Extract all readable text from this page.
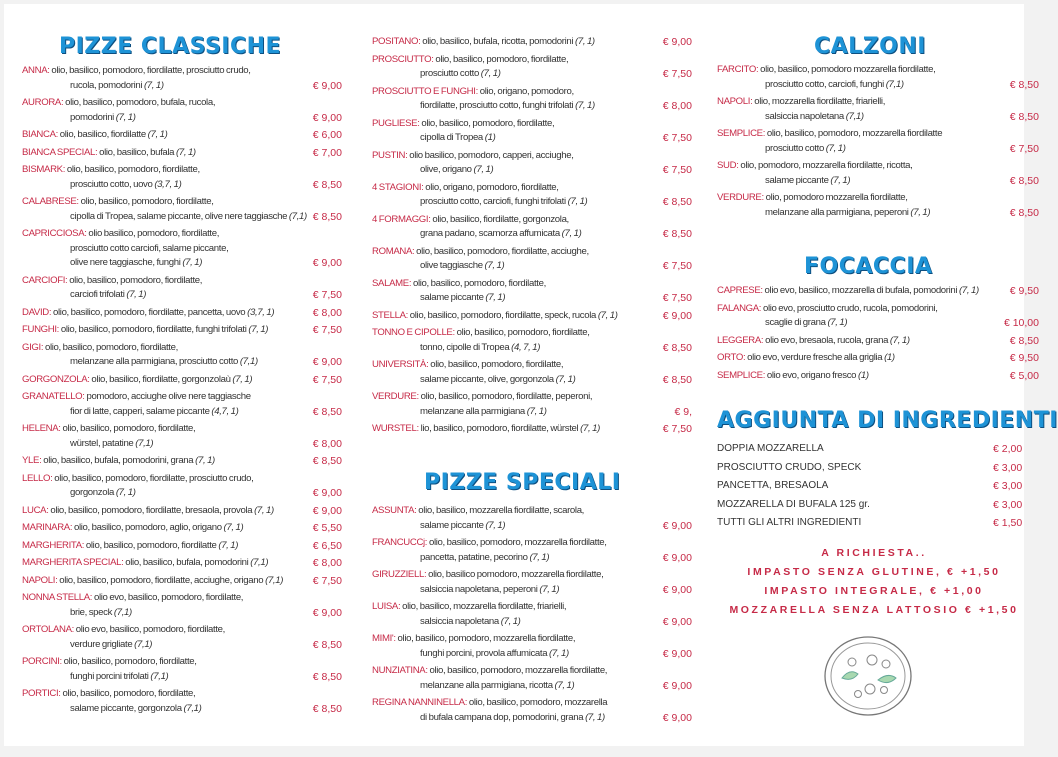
PIZZE CLASSICHE
PIZZE SPECIALI
CALZONI
FOCACCIA
AGGIUNTA DI INGREDIENTI
ANNA: olio, basilico, pomodoro, fiordilatte, prosciutto crudo,
rucola, pomodorini (7, 1)	€ 9,00
AURORA: olio, basilico, pomodoro, bufala, rucola,
pomodorini (7, 1)	€ 9,00
BIANCA: olio, basilico, fiordilatte (7, 1)	€ 6,00
BIANCA SPECIAL: olio, basilico, bufala (7, 1)	€ 7,00
BISMARK: olio, basilico, pomodoro, fiordilatte,
prosciutto cotto, uovo (3,7, 1)	€ 8,50
CALABRESE: olio, basilico, pomodoro, fiordilatte,
cipolla di Tropea, salame piccante, olive nere taggiasche (7,1) € 8,50
CAPRICCIOSA: olio basilico, pomodoro, fiordilatte,
prosciutto cotto carciofi, salame piccante,
olive nere taggiasche, funghi (7, 1)	€ 9,00
CARCIOFI: olio, basilico, pomodoro, fiordilatte,
carciofi trifolati (7, 1)	€ 7,50
DAVID: olio, basilico, pomodoro, fiordilatte, pancetta, uovo (3,7, 1)	€ 8,00
FUNGHI: olio, basilico, pomodoro, fiordilatte, funghi trifolati (7, 1)	€ 7,50
GIGI: olio, basilico, pomodoro, fiordilatte,
melanzane alla parmigiana, prosciutto cotto (7,1)	€ 9,00
GORGONZOLA: olio, basilico, fiordilatte, gorgonzolaù (7, 1)	€ 7,50
GRANATELLO: pomodoro, acciughe olive nere taggiasche
fior di latte, capperi, salame piccante (4,7, 1)	€ 8,50
HELENA: olio, basilico, pomodoro, fiordilatte,
würstel, patatine (7,1)	€ 8,00
YLE: olio, basilico, bufala, pomodorini, grana (7, 1)	€ 8,50
LELLO: olio, basilico, pomodoro, fiordilatte, prosciutto crudo,
gorgonzola (7, 1)	€ 9,00
LUCA: olio, basilico, pomodoro, fiordilatte, bresaola, provola (7, 1)	€ 9,00
MARINARA: olio, basilico, pomodoro, aglio, origano (7, 1)	€ 5,50
MARGHERITA: olio, basilico, pomodoro, fiordilatte (7, 1)	€ 6,50
MARGHERITA SPECIAL: olio, basilico, bufala, pomodorini (7,1)	€ 8,00
NAPOLI: olio, basilico, pomodoro, fiordilatte, acciughe, origano (7,1)	€ 7,50
NONNA STELLA: olio evo, basilico, pomodoro, fiordilatte,
brie, speck (7,1)	€ 9,00
ORTOLANA: olio evo, basilico, pomodoro, fiordilatte,
verdure grigliate (7,1)	€ 8,50
PORCINI: olio, basilico, pomodoro, fiordilatte,
funghi porcini trifolati (7,1)	€ 8,50
PORTICI: olio, basilico, pomodoro, fiordilatte,
salame piccante, gorgonzola (7,1)	€ 8,50
POSITANO: olio, basilico, bufala, ricotta, pomodorini (7, 1)	€ 9,00
PROSCIUTTO: olio, basilico, pomodoro, fiordilatte,
prosciutto cotto (7, 1)	€ 7,50
PROSCIUTTO E FUNGHI: olio, origano, pomodoro,
fiordilatte, prosciutto cotto, funghi trifolati (7, 1)	€ 8,00
PUGLIESE: olio, basilico, pomodoro, fiordilatte,
cipolla di Tropea (1)	€ 7,50
PUSTIN: olio basilico, pomodoro, capperi, acciughe,
olive, origano (7, 1)	€ 7,50
4 STAGIONI: olio, origano, pomodoro, fiordilatte,
prosciutto cotto, carciofi, funghi trifolati (7, 1)	€ 8,50
4 FORMAGGI: olio, basilico, fiordilatte, gorgonzola,
grana padano, scamorza affumicata (7, 1)	€ 8,50
ROMANA: olio, basilico, pomodoro, fiordilatte, acciughe,
olive taggiasche (7, 1)	€ 7,50
SALAME: olio, basilico, pomodoro, fiordilatte,
salame piccante (7, 1)	€ 7,50
STELLA: olio, basilico, pomodoro, fiordilatte, speck, rucola (7, 1)	€ 9,00
TONNO E CIPOLLE: olio, basilico, pomodoro, fiordilatte,
tonno, cipolle di Tropea (4, 7, 1)	€ 8,50
UNIVERSITÀ: olio, basilico, pomodoro, fiordilatte,
salame piccante, olive, gorgonzola (7, 1)	€ 8,50
VERDURE: olio, basilico, pomodoro, fiordilatte, peperoni,
melanzane alla parmigiana (7, 1)	€ 9,
WURSTEL: lio, basilico, pomodoro, fiordilatte, würstel (7, 1)	€ 7,50
ASSUNTA: olio, basilico, mozzarella fiordilatte, scarola,
salame piccante (7, 1)	€ 9,00
FRANCUCCj: olio, basilico, pomodoro, mozzarella fiordilatte,
pancetta, patatine, pecorino (7, 1)	€ 9,00
GIRUZZIELL: olio, basilico pomodoro, mozzarella fiordilatte,
salsiccia napoletana, peperoni (7, 1)	€ 9,00
LUISA: olio, basilico, mozzarella fiordilatte, friarielli,
salsiccia napoletana (7, 1)	€ 9,00
MIMI': olio, basilico, pomodoro, mozzarella fiordilatte,
funghi porcini, provola affumicata (7, 1)	€ 9,00
NUNZIATINA: olio, basilico, pomodoro, mozzarella fiordilatte,
melanzane alla parmigiana, ricotta (7, 1)	€ 9,00
REGINA NANNINELLA: olio, basilico, pomodoro, mozzarella
di bufala campana dop, pomodorini, grana (7, 1)	€ 9,00
FARCITO: olio, basilico, pomodoro mozzarella fiordilatte,
prosciutto cotto, carciofi, funghi (7,1)	€ 8,50
NAPOLI: olio, mozzarella fiordilatte, friarielli,
salsiccia napoletana (7,1)	€ 8,50
SEMPLICE: olio, basilico, pomodoro, mozzarella fiordilatte
prosciutto cotto (7, 1)	€ 7,50
SUD: olio, pomodoro, mozzarella fiordilatte, ricotta,
salame piccante (7, 1)	€ 8,50
VERDURE: olio, pomodoro mozzarella fiordilatte,
melanzane alla parmigiana, peperoni (7, 1)	€ 8,50
CAPRESE: olio evo, basilico, mozzarella di bufala, pomodorini (7, 1)	€ 9,50
FALANGA: olio evo, prosciutto crudo, rucola, pomodorini,
scaglie di grana (7, 1)	€ 10,00
LEGGERA: olio evo, bresaola, rucola, grana (7, 1)	€ 8,50
ORTO: olio evo, verdure fresche alla griglia (1)	€ 9,50
SEMPLICE: olio evo, origano fresco (1)	€ 5,00
DOPPIA MOZZARELLA	€ 2,00
PROSCIUTTO CRUDO, SPECK	€ 3,00
PANCETTA, BRESAOLA	€ 3,00
MOZZARELLA DI BUFALA 125 gr.	€ 3,00
TUTTI GLI ALTRI INGREDIENTI	€ 1,50
A RICHIESTA..
IMPASTO SENZA GLUTINE, € +1,50
IMPASTO INTEGRALE, € +1,00
MOZZARELLA SENZA LATTOSIO € +1,50
